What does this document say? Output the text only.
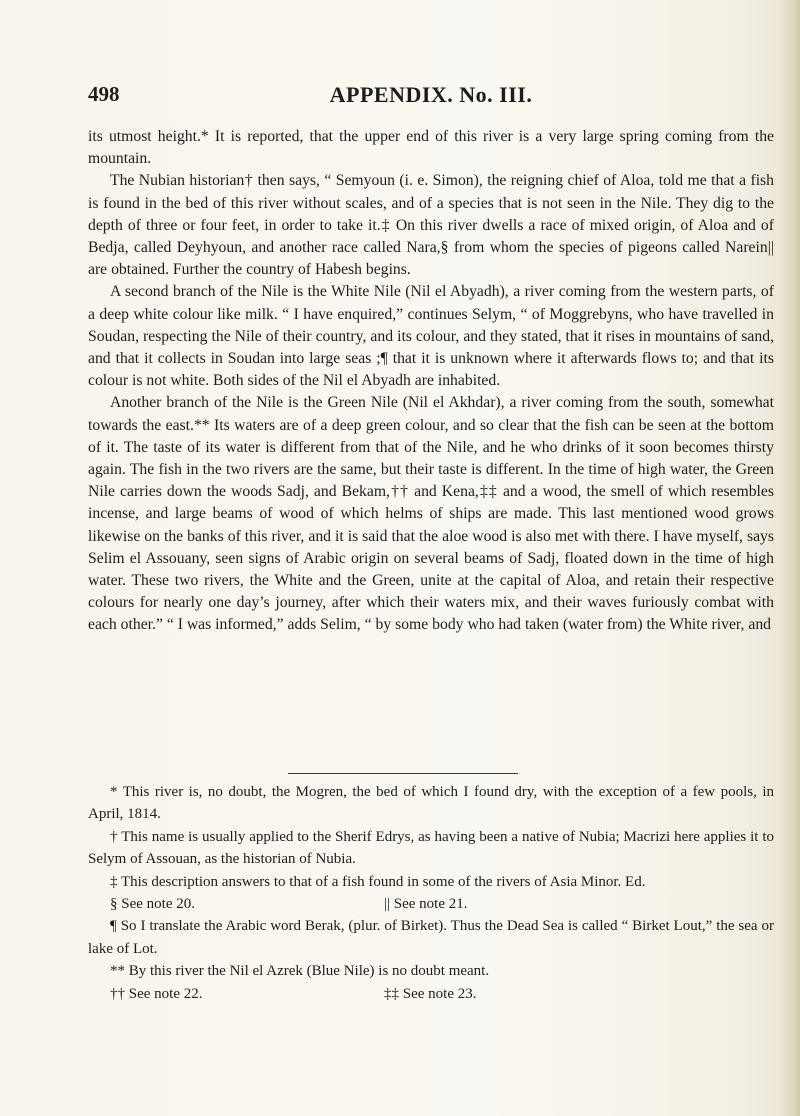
498	APPENDIX. No. III.

its utmost height.* It is reported, that the upper end of this river is a very large spring coming from the mountain.

The Nubian historian† then says, “ Semyoun (i. e. Simon), the reigning chief of Aloa, told me that a fish is found in the bed of this river without scales, and of a species that is not seen in the Nile. They dig to the depth of three or four feet, in order to take it.‡ On this river dwells a race of mixed origin, of Aloa and of Bedja, called Deyhyoun, and another race called Nara,§ from whom the species of pigeons called Narein|| are obtained. Further the country of Habesh begins.

A second branch of the Nile is the White Nile (Nil el Abyadh), a river coming from the western parts, of a deep white colour like milk. “ I have enquired,” continues Selym, “ of Moggrebyns, who have travelled in Soudan, respecting the Nile of their country, and its colour, and they stated, that it rises in mountains of sand, and that it collects in Soudan into large seas ;¶ that it is unknown where it afterwards flows to; and that its colour is not white. Both sides of the Nil el Abyadh are inhabited.

Another branch of the Nile is the Green Nile (Nil el Akhdar), a river coming from the south, somewhat towards the east.** Its waters are of a deep green colour, and so clear that the fish can be seen at the bottom of it. The taste of its water is different from that of the Nile, and he who drinks of it soon becomes thirsty again. The fish in the two rivers are the same, but their taste is different. In the time of high water, the Green Nile carries down the woods Sadj, and Bekam,†† and Kena,‡‡ and a wood, the smell of which resembles incense, and large beams of wood of which helms of ships are made. This last mentioned wood grows likewise on the banks of this river, and it is said that the aloe wood is also met with there. I have myself, says Selim el Assouany, seen signs of Arabic origin on several beams of Sadj, floated down in the time of high water. These two rivers, the White and the Green, unite at the capital of Aloa, and retain their respective colours for nearly one day’s journey, after which their waters mix, and their waves furiously combat with each other.” “ I was informed,” adds Selim, “ by some body who had taken (water from) the White river, and

* This river is, no doubt, the Mogren, the bed of which I found dry, with the exception of a few pools, in April, 1814.

† This name is usually applied to the Sherif Edrys, as having been a native of Nubia; Macrizi here applies it to Selym of Assouan, as the historian of Nubia.

‡ This description answers to that of a fish found in some of the rivers of Asia Minor. Ed.

§ See note 20.	|| See note 21.

¶ So I translate the Arabic word Berak, (plur. of Birket). Thus the Dead Sea is called “ Birket Lout,” the sea or lake of Lot.

** By this river the Nil el Azrek (Blue Nile) is no doubt meant.

†† See note 22.	‡‡ See note 23.
